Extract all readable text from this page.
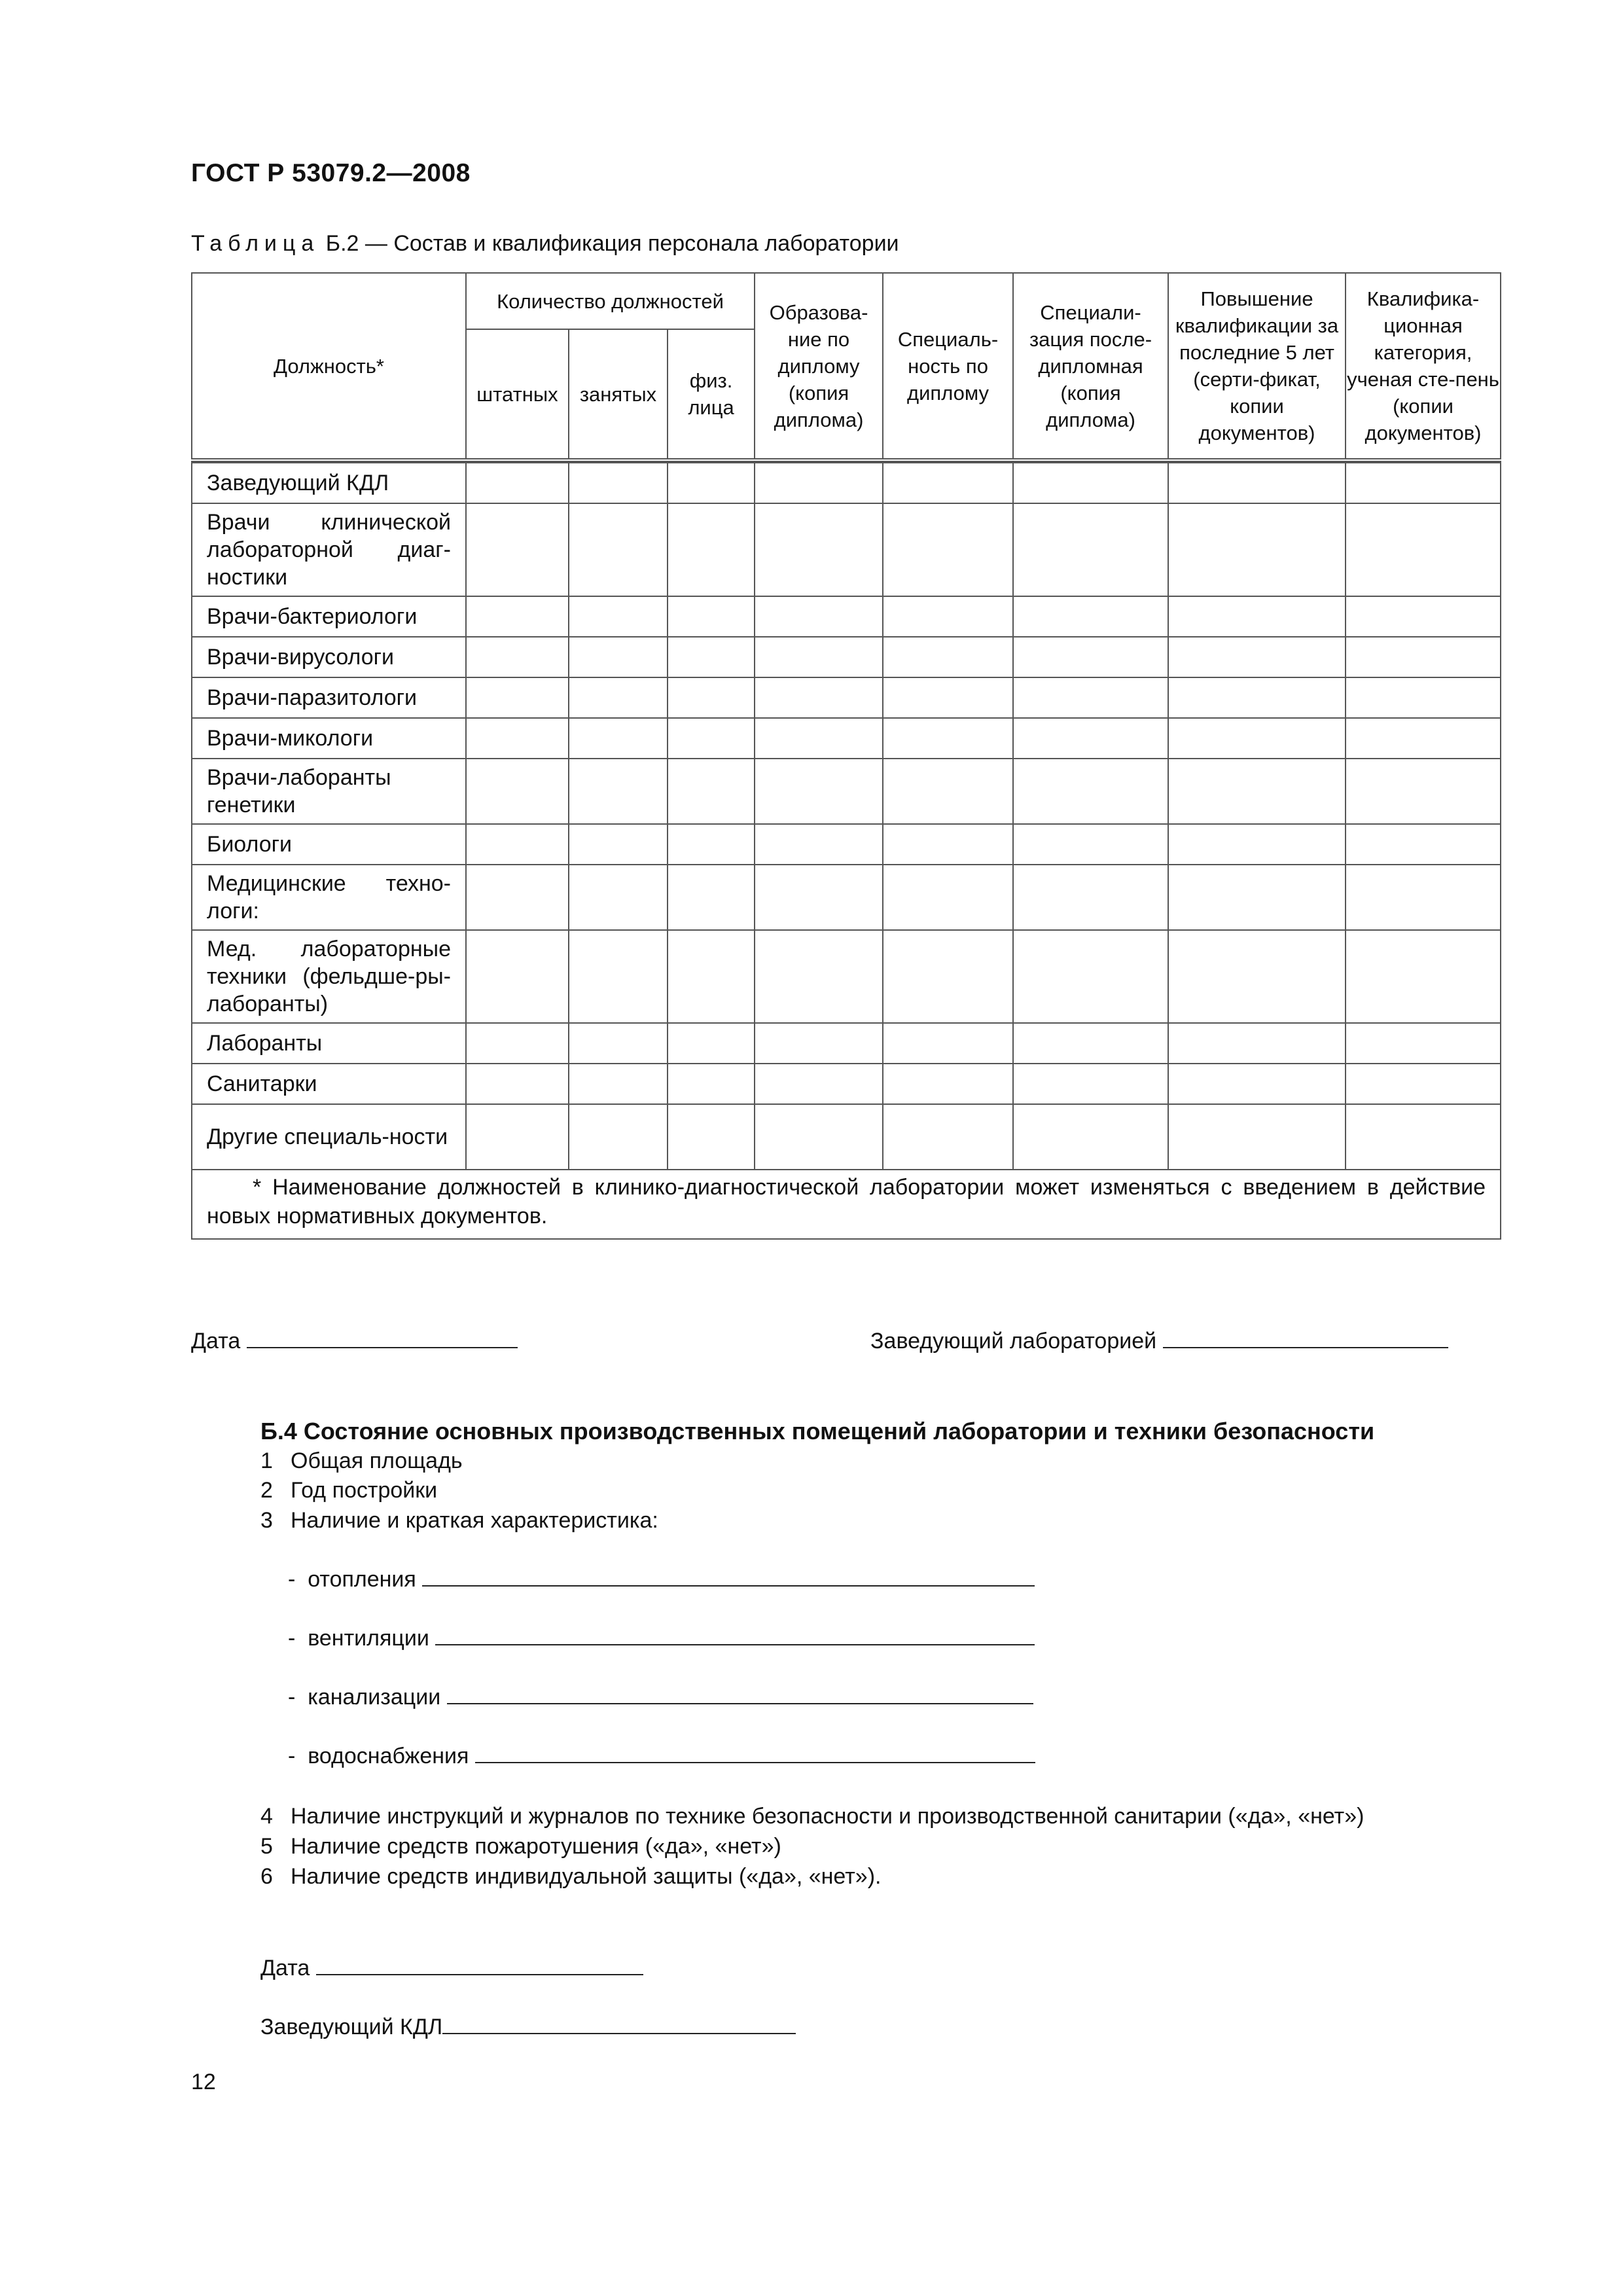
ГОСТ Р 53079.2—2008
Таблица Б.2 — Состав и квалификация персонала лаборатории
Должность*	Количество должностей			Образова-ние по диплому (копия диплома)	Специаль-ность по диплому	Специали-зация после-дипломная (копия диплома)	Повышение квалификации за последние 5 лет (серти-фикат, копии документов)	Квалифика-ционная категория, ученая сте-пень (копии документов)
	штатных	занятых	физ. лица					

Заведующий КДЛ								
Врачи клинической лабораторной диаг-ностики								
Врачи-бактериологи								
Врачи-вирусологи								
Врачи-паразитологи								
Врачи-микологи								
Врачи-лаборанты генетики								
Биологи								
Медицинские техно-логи:								
Мед. лабораторные техники (фельдше-ры-лаборанты)								
Лаборанты								
Санитарки								
Другие специаль-ности								
* Наименование должностей в клинико-диагностической лаборатории может изменяться с введением в действие новых нормативных документов.								
Дата	Заведующий лабораторией
Б.4 Состояние основных производственных помещений лаборатории и техники безопасности
1 Общая площадь
2 Год постройки
3 Наличие и краткая характеристика:
-  отопления
-  вентиляции
-  канализации
-  водоснабжения
4 Наличие инструкций и журналов по технике безопасности и производственной санитарии («да», «нет»)
5 Наличие средств пожаротушения («да», «нет»)
6 Наличие средств индивидуальной защиты («да», «нет»).
Дата
Заведующий КДЛ
12
